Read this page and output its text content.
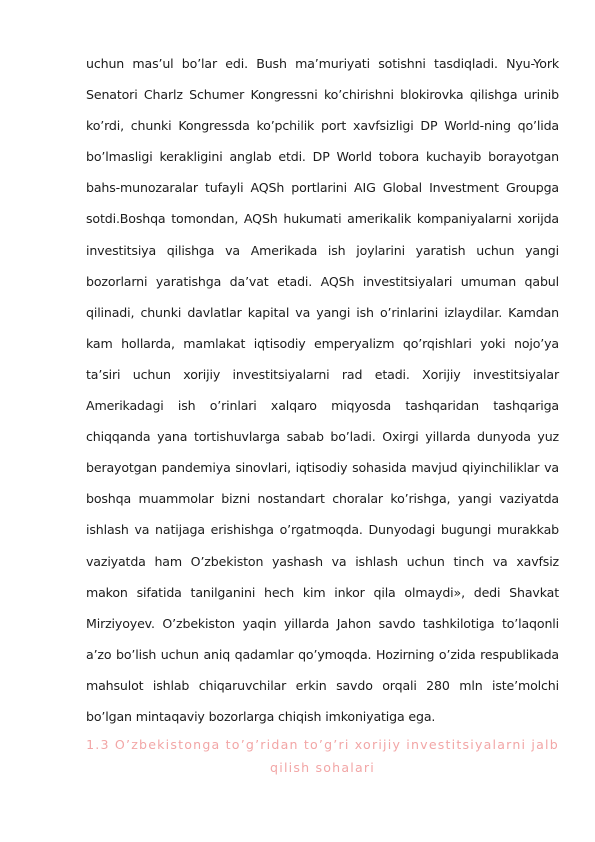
uchun mas’ul bo’lar edi. Bush ma’muriyati sotishni tasdiqladi. Nyu-York Senatori Charlz Schumer Kongressni ko’chirishni blokirovka qilishga urinib ko’rdi, chunki Kongressda ko’pchilik port xavfsizligi DP World-ning qo’lida bo’lmasligi kerakligini anglab etdi. DP World tobora kuchayib borayotgan bahs-munozaralar tufayli AQSh portlarini AIG Global Investment Groupga sotdi.Boshqa tomondan, AQSh hukumati amerikalik kompaniyalarni xorijda investitsiya qilishga va Amerikada ish joylarini yaratish uchun yangi bozorlarni yaratishga da’vat etadi. AQSh investitsiyalari umuman qabul qilinadi, chunki davlatlar kapital va yangi ish o’rinlarini izlaydilar. Kamdan kam hollarda, mamlakat iqtisodiy emperyalizm qo’rqishlari yoki nojo’ya ta’siri uchun xorijiy investitsiyalarni rad etadi. Xorijiy investitsiyalar Amerikadagi ish o’rinlari xalqaro miqyosda tashqaridan tashqariga chiqqanda yana tortishuvlarga sabab bo’ladi. Oxirgi yillarda dunyoda yuz berayotgan pandemiya sinovlari, iqtisodiy sohasida mavjud qiyinchiliklar va boshqa muammolar bizni nostandart choralar ko’rishga, yangi vaziyatda ishlash va natijaga erishishga o’rgatmoqda. Dunyodagi bugungi murakkab vaziyatda ham O’zbekiston yashash va ishlash uchun tinch va xavfsiz makon sifatida tanilganini hech kim inkor qila olmaydi», dedi Shavkat Mirziyoyev. O’zbekiston yaqin yillarda Jahon savdo tashkilotiga to’laqonli a’zo bo’lish uchun aniq qadamlar qo’ymoqda. Hozirning o’zida respublikada mahsulot ishlab chiqaruvchilar erkin savdo orqali 280 mln iste’molchi bo’lgan mintaqaviy bozorlarga chiqish imkoniyatiga ega.

1.3 O’zbekistonga to’g’ridan to’g’ri xorijiy investitsiyalarni jalb qilish sohalari
